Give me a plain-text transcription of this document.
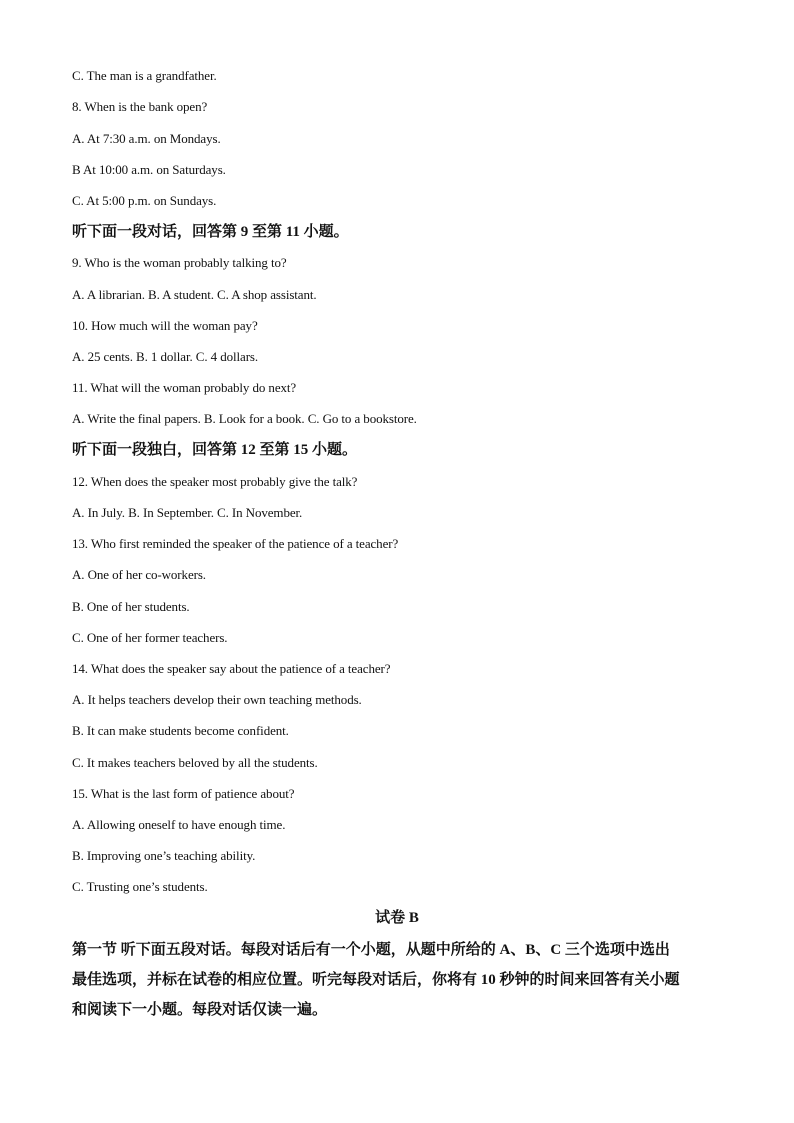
C. The man is a grandfather.
8. When is the bank open?
A. At 7:30 a.m. on Mondays.
B At 10:00 a.m. on Saturdays.
C. At 5:00 p.m. on Sundays.
听下面一段对话，回答第 9 至第 11 小题。
9. Who is the woman probably talking to?
A. A librarian. B. A student. C. A shop assistant.
10. How much will the woman pay?
A. 25 cents. B. 1 dollar. C. 4 dollars.
11. What will the woman probably do next?
A. Write the final papers. B. Look for a book. C. Go to a bookstore.
听下面一段独白，回答第 12 至第 15 小题。
12. When does the speaker most probably give the talk?
A. In July. B. In September. C. In November.
13. Who first reminded the speaker of the patience of a teacher?
A. One of her co-workers.
B. One of her students.
C. One of her former teachers.
14. What does the speaker say about the patience of a teacher?
A. It helps teachers develop their own teaching methods.
B. It can make students become confident.
C. It makes teachers beloved by all the students.
15. What is the last form of patience about?
A. Allowing oneself to have enough time.
B. Improving one’s teaching ability.
C. Trusting one’s students.
试卷 B
第一节 听下面五段对话。每段对话后有一个小题，从题中所给的 A、B、C 三个选项中选出
最佳选项，并标在试卷的相应位置。听完每段对话后，你将有 10 秒钟的时间来回答有关小题
和阅读下一小题。每段对话仅读一遍。
